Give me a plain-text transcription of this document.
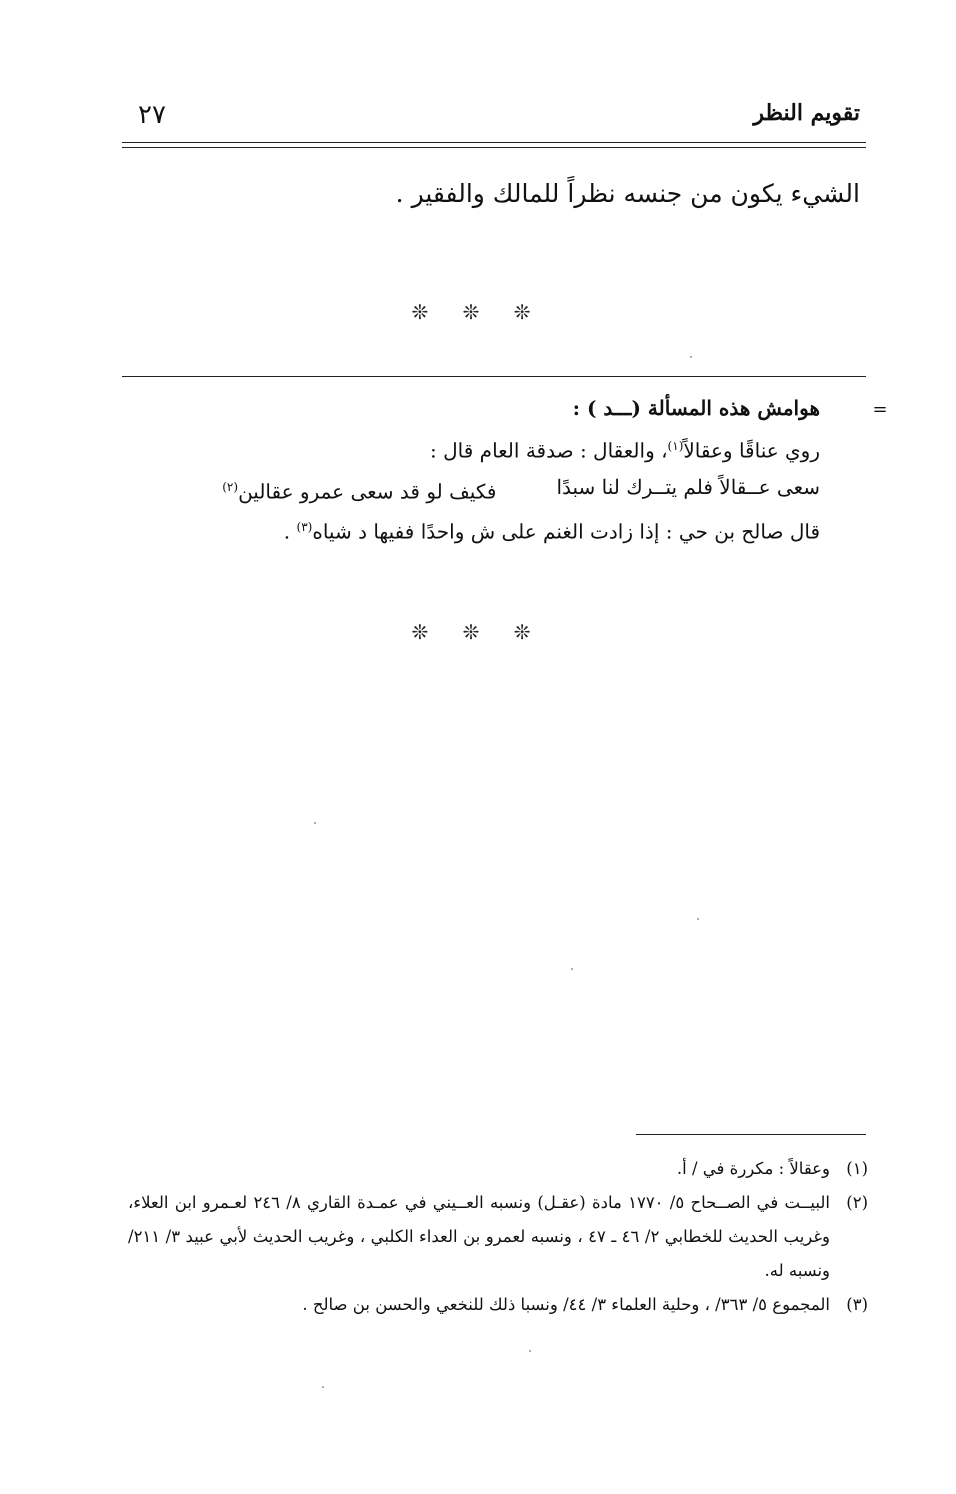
٢٧	تقويم النظر
الشيء يكون من جنسه نظراً للمالك والفقير .
❊ ❊ ❊
=
هوامش هذه المسألة (ـــد ) :
روي عناقًا وعقالاً$^{(١)}$، والعقال : صدقة العام قال :
سعى عــقالاً فلم يتــرك لنا سبدًا
فكيف لو قد سعى عمرو عقالين$^{(٢)}$
قال صالح بن حي : إذا زادت الغنم على ش واحدًا ففيها د شياه$^{(٣)}$ .
❊ ❊ ❊
(١)
وعقالاً : مكررة في / أ.
(٢)
البيــت في الصــحاح ٥/ ١٧٧٠ مادة (عقـل) ونسبه العــيني في عمـدة القاري ٨/ ٢٤٦ لعـمرو ابن العلاء، وغريب الحديث للخطابي ٢/ ٤٦ ـ ٤٧ ، ونسبه لعمرو بن العداء الكلبي ، وغريب الحديث لأبي عبيد ٣/ ٢١١/ ونسبه له.
(٣)
المجموع ٥/ ٣٦٣/ ، وحلية العلماء ٣/ ٤٤/ ونسبا ذلك للنخعي والحسن بن صالح .
